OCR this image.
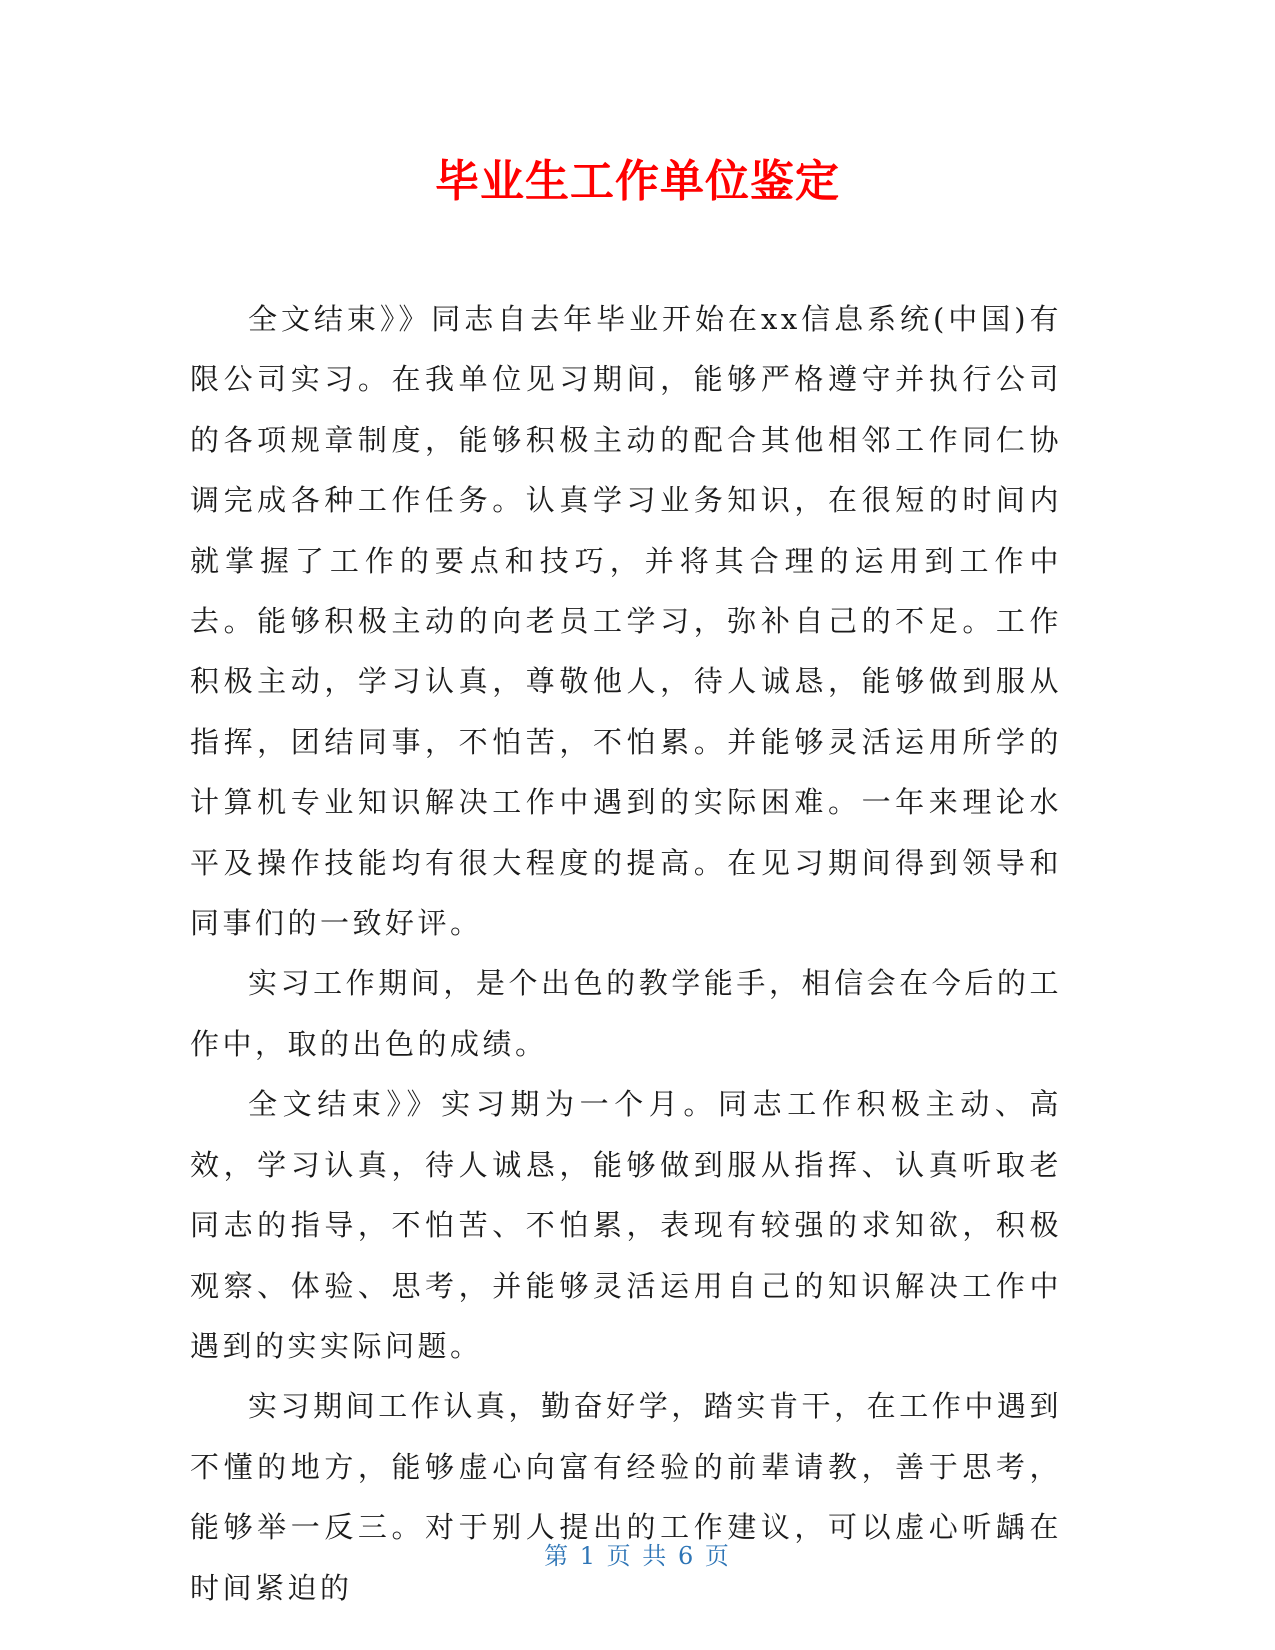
毕业生工作单位鉴定

全文结束》》同志自去年毕业开始在xx信息系统(中国)有限公司实习。在我单位见习期间，能够严格遵守并执行公司的各项规章制度，能够积极主动的配合其他相邻工作同仁协调完成各种工作任务。认真学习业务知识，在很短的时间内就掌握了工作的要点和技巧，并将其合理的运用到工作中去。能够积极主动的向老员工学习，弥补自己的不足。工作积极主动，学习认真，尊敬他人，待人诚恳，能够做到服从指挥，团结同事，不怕苦，不怕累。并能够灵活运用所学的计算机专业知识解决工作中遇到的实际困难。一年来理论水平及操作技能均有很大程度的提高。在见习期间得到领导和同事们的一致好评。

实习工作期间，是个出色的教学能手，相信会在今后的工作中，取的出色的成绩。

全文结束》》实习期为一个月。同志工作积极主动、高效，学习认真，待人诚恳，能够做到服从指挥、认真听取老同志的指导，不怕苦、不怕累，表现有较强的求知欲，积极观察、体验、思考，并能够灵活运用自己的知识解决工作中遇到的实实际问题。

实习期间工作认真，勤奋好学，踏实肯干，在工作中遇到不懂的地方，能够虚心向富有经验的前辈请教，善于思考，能够举一反三。对于别人提出的工作建议，可以虚心听龋在时间紧迫的

第 1 页 共 6 页
